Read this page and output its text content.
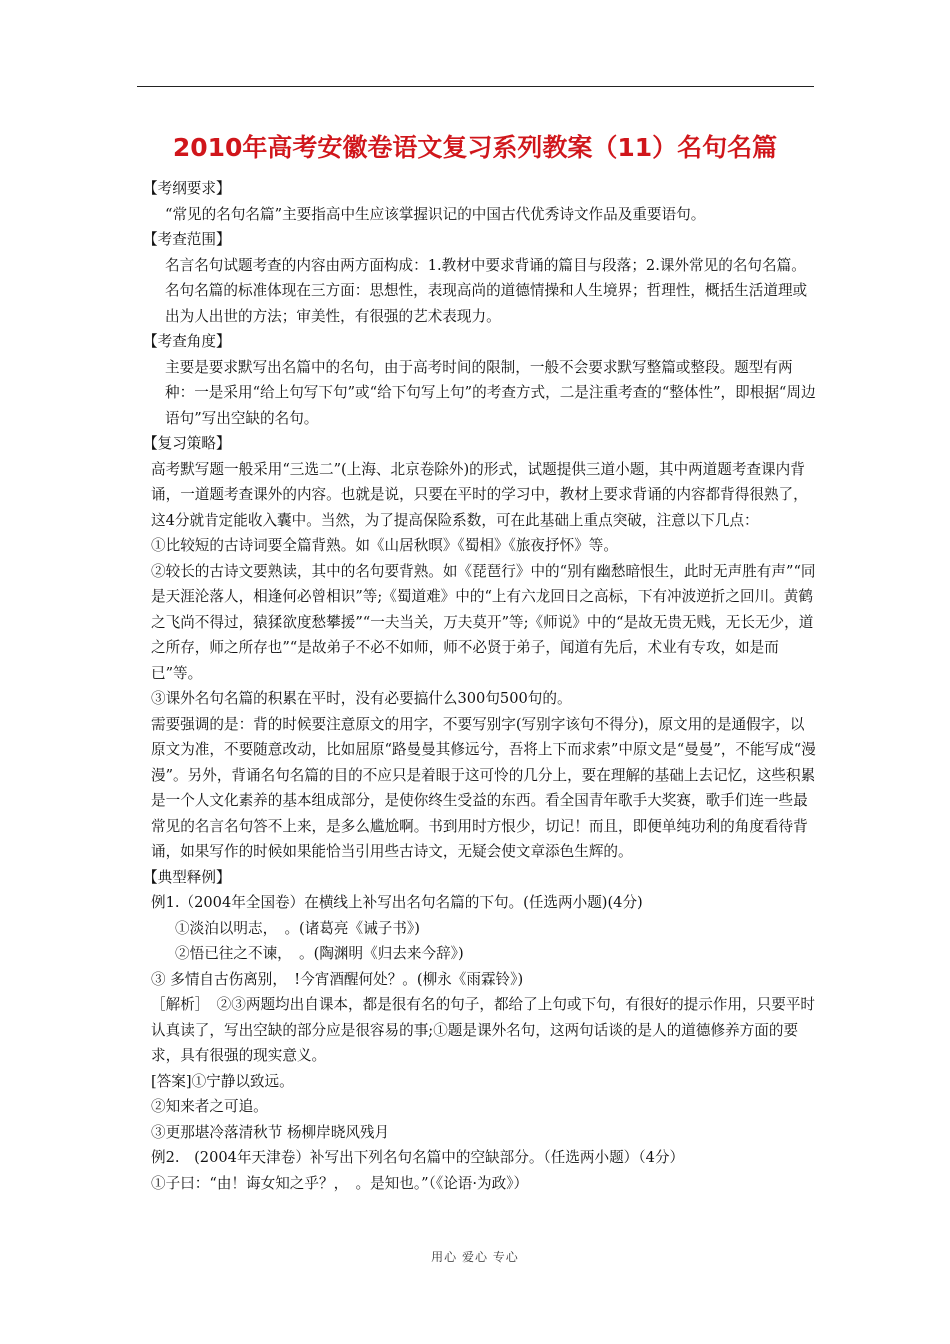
2010年高考安徽卷语文复习系列教案（11）名句名篇

【考纲要求】

“常见的名句名篇”主要指高中生应该掌握识记的中国古代优秀诗文作品及重要语句。

【考查范围】

名言名句试题考查的内容由两方面构成：1.教材中要求背诵的篇目与段落；2.课外常见的名句名篇。名句名篇的标准体现在三方面：思想性，表现高尚的道德情操和人生境界；哲理性，概括生活道理或出为人出世的方法；审美性，有很强的艺术表现力。

【考查角度】

主要是要求默写出名篇中的名句，由于高考时间的限制，一般不会要求默写整篇或整段。题型有两种：一是采用“给上句写下句”或“给下句写上句”的考查方式，二是注重考查的“整体性”，即根据“周边语句”写出空缺的名句。

【复习策略】

高考默写题一般采用“三选二”(上海、北京卷除外)的形式，试题提供三道小题，其中两道题考查课内背诵，一道题考查课外的内容。也就是说，只要在平时的学习中，教材上要求背诵的内容都背得很熟了，这4分就肯定能收入囊中。当然，为了提高保险系数，可在此基础上重点突破，注意以下几点：

①比较短的古诗词要全篇背熟。如《山居秋暝》《蜀相》《旅夜抒怀》等。

②较长的古诗文要熟读，其中的名句要背熟。如《琵琶行》中的“别有幽愁暗恨生，此时无声胜有声”“同是天涯沦落人，相逢何必曾相识”等;《蜀道难》中的“上有六龙回日之高标，下有冲波逆折之回川。黄鹤之飞尚不得过，猿猱欲度愁攀援”“一夫当关，万夫莫开”等;《师说》中的“是故无贵无贱，无长无少，道之所存，师之所存也”“是故弟子不必不如师，师不必贤于弟子，闻道有先后，术业有专攻，如是而已”等。

③课外名句名篇的积累在平时，没有必要搞什么300句500句的。

需要强调的是：背的时候要注意原文的用字，不要写别字(写别字该句不得分)，原文用的是通假字，以原文为准，不要随意改动，比如屈原“路曼曼其修远兮，吾将上下而求索”中原文是“曼曼”，不能写成“漫漫”。另外，背诵名句名篇的目的不应只是着眼于这可怜的几分上，要在理解的基础上去记忆，这些积累是一个人文化素养的基本组成部分，是使你终生受益的东西。看全国青年歌手大奖赛，歌手们连一些最常见的名言名句答不上来，是多么尴尬啊。书到用时方恨少，切记！而且，即便单纯功利的角度看待背诵，如果写作的时候如果能恰当引用些古诗文，无疑会使文章添色生辉的。

【典型释例】

例1.（2004年全国卷）在横线上补写出名句名篇的下句。(任选两小题)(4分)

①淡泊以明志，　。(诸葛亮《诫子书》)

②悟已往之不谏，　。(陶渊明《归去来今辞》)

③ 多情自古伤离别，　!今宵酒醒何处？。(柳永《雨霖铃》)

［解析］　②③两题均出自课本，都是很有名的句子，都给了上句或下句，有很好的提示作用，只要平时认真读了，写出空缺的部分应是很容易的事;①题是课外名句，这两句话谈的是人的道德修养方面的要求，具有很强的现实意义。

[答案]①宁静以致远。

②知来者之可追。

③更那堪冷落清秋节 杨柳岸晓风残月

例2.　(2004年天津卷）补写出下列名句名篇中的空缺部分。（任选两小题）（4分）

①子曰：“由！诲女知之乎？，　。是知也。”（《论语·为政》）

用心 爱心 专心
